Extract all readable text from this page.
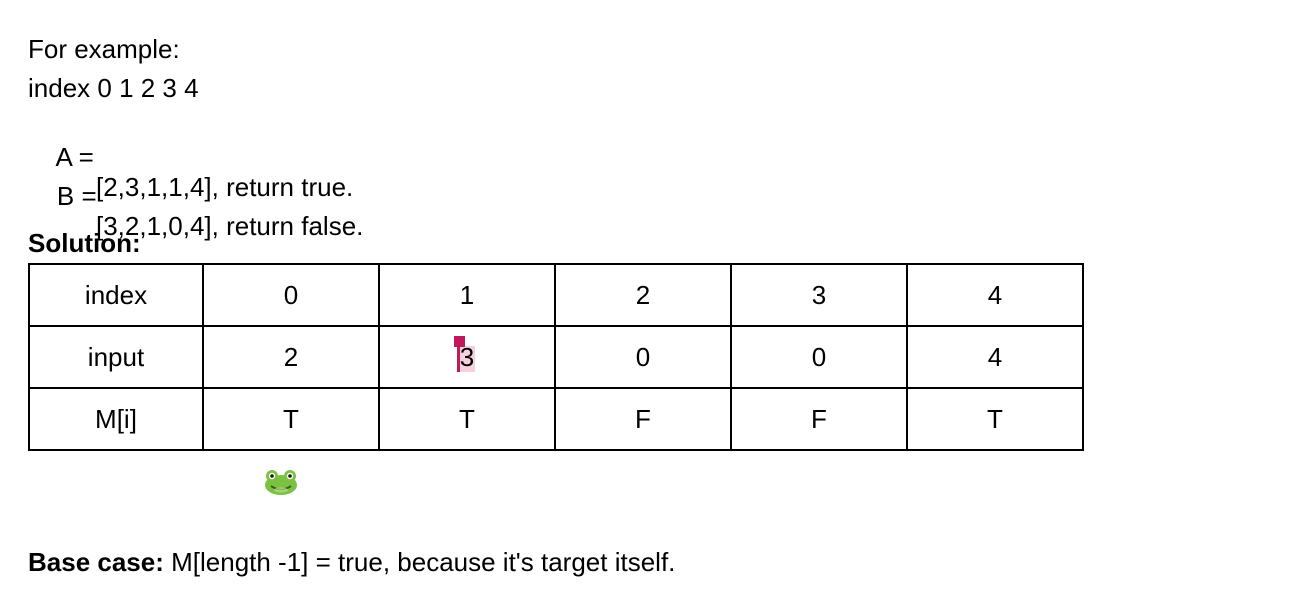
For example:
index 0 1 2 3 4

A =

[2,3,1,1,4], return true.

B =

[3,2,1,0,4], return false.

Solution:
index	0	1	2	3	4
input	2	3	0	0	4
M[i]	T	T	F	F	T
Base case: M[length -1] = true, because it's target itself.
